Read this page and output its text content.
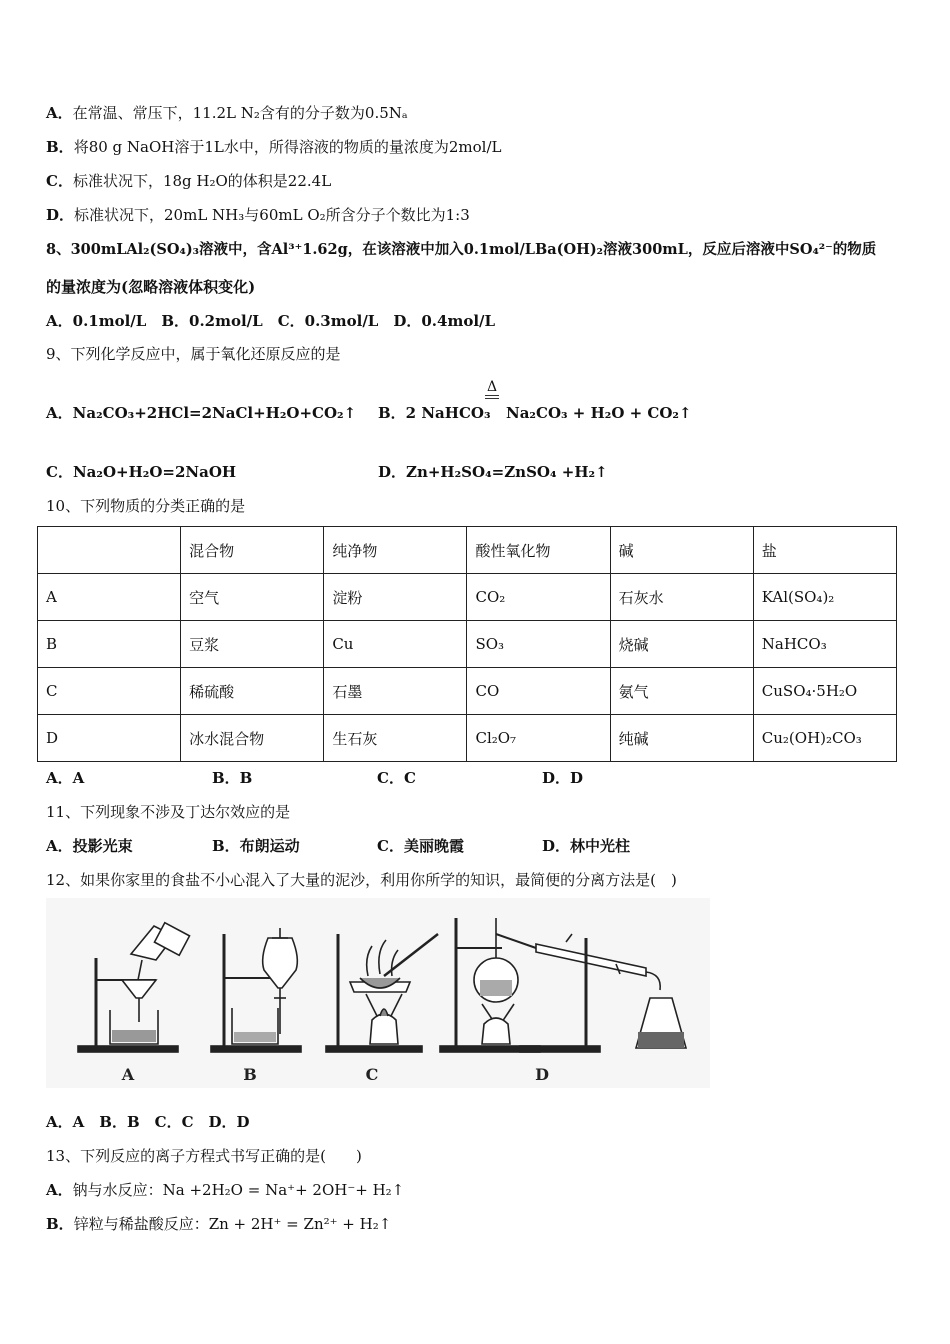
A．在常温、常压下，11.2L N₂含有的分子数为0.5Nₐ
B．将80 g NaOH溶于1L水中，所得溶液的物质的量浓度为2mol/L
C．标准状况下，18g H₂O的体积是22.4L
D．标准状况下，20mL NH₃与60mL O₂所含分子个数比为1:3
8、300mLAl₂(SO₄)₃溶液中，含Al³⁺1.62g，在该溶液中加入0.1mol/LBa(OH)₂溶液300mL，反应后溶液中SO₄²⁻的物质
的量浓度为(忽略溶液体积变化)
A．0.1mol/L　B．0.2mol/L　C．0.3mol/L　D．0.4mol/L
9、下列化学反应中，属于氧化还原反应的是
A．Na₂CO₃+2HCl=2NaCl+H₂O+CO₂↑ B．2 NaHCO₃
Δ
Na₂CO₃ + H₂O + CO₂↑
C．Na₂O+H₂O=2NaOH	D．Zn+H₂SO₄=ZnSO₄ +H₂↑
10、下列物质的分类正确的是
	混合物	纯净物	酸性氧化物	碱	盐
A	空气	淀粉	CO₂	石灰水	KAl(SO₄)₂
B	豆浆	Cu	SO₃	烧碱	NaHCO₃
C	稀硫酸	石墨	CO	氨气	CuSO₄·5H₂O
D	冰水混合物	生石灰	Cl₂O₇	纯碱	Cu₂(OH)₂CO₃
A．A	B．B	C．C	D．D
11、下列现象不涉及丁达尔效应的是
A．投影光束	B．布朗运动	C．美丽晚霞	D．林中光柱
12、如果你家里的食盐不小心混入了大量的泥沙，利用你所学的知识，最简便的分离方法是(　)
A	B	C	D
A．A　B．B　C．C　D．D
13、下列反应的离子方程式书写正确的是(　　)
A．钠与水反应：Na +2H₂O = Na⁺+ 2OH⁻+ H₂↑
B．锌粒与稀盐酸反应：Zn + 2H⁺ = Zn²⁺ + H₂↑
